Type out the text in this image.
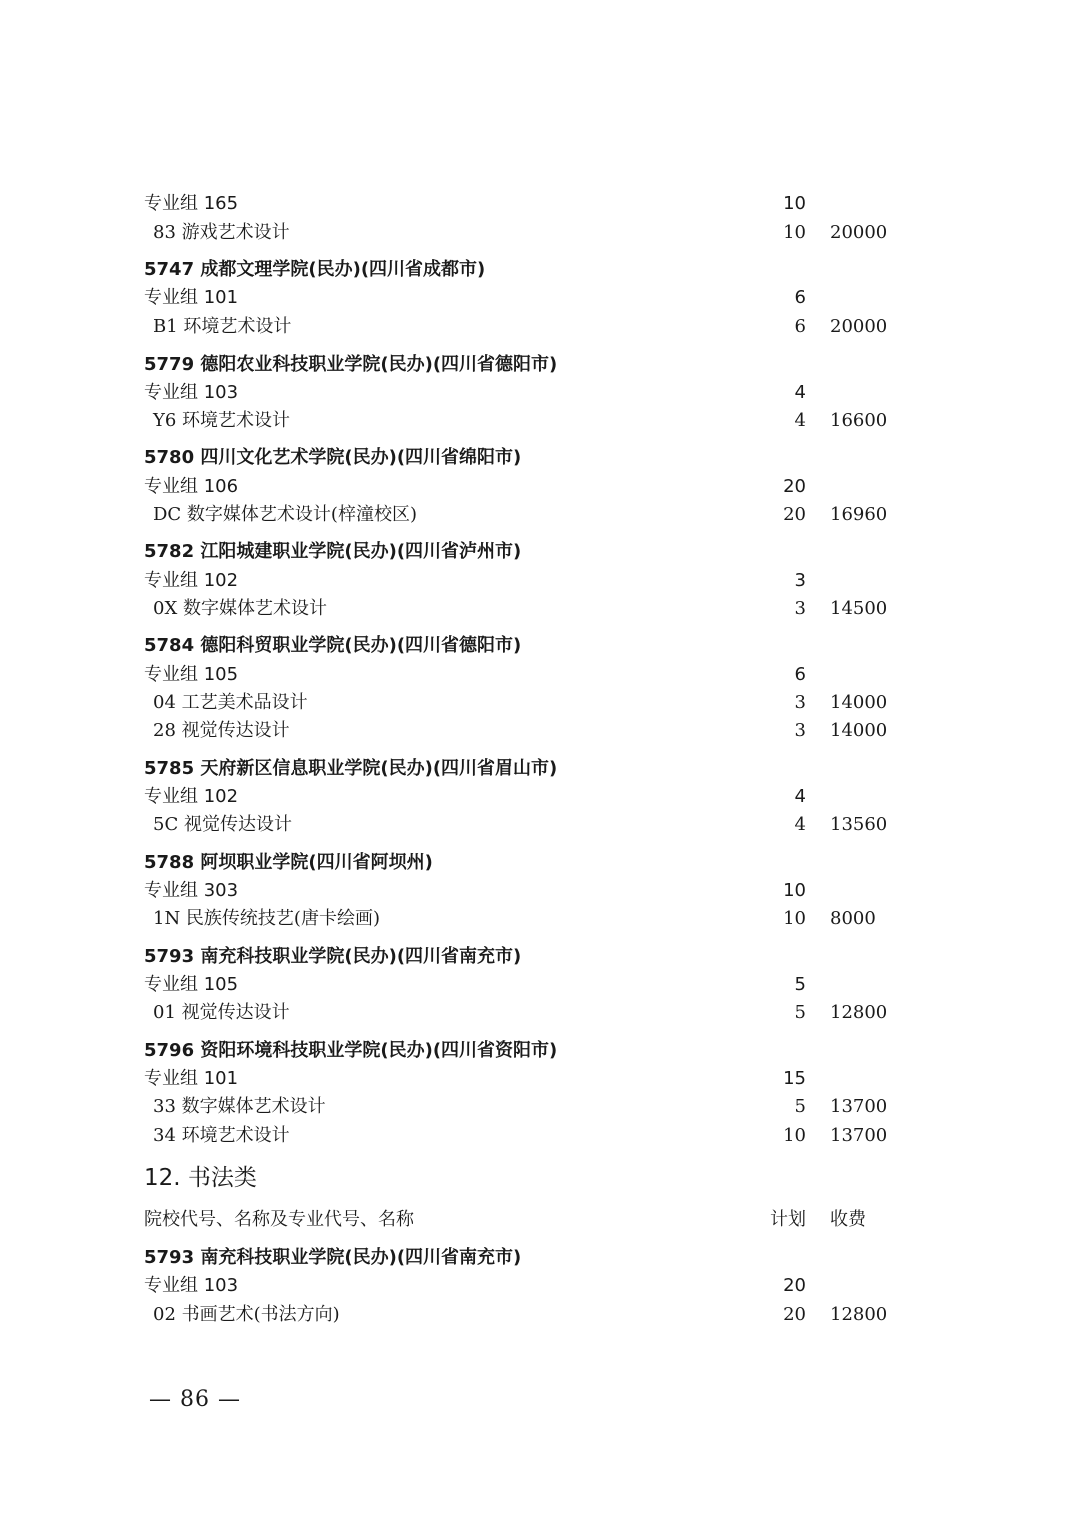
专业组 165	10
83 游戏艺术设计	10 20000
5747 成都文理学院(民办)(四川省成都市)
专业组 101	6
B1 环境艺术设计	6 20000
5779 德阳农业科技职业学院(民办)(四川省德阳市)
专业组 103	4
Y6 环境艺术设计	4 16600
5780 四川文化艺术学院(民办)(四川省绵阳市)
专业组 106	20
DC 数字媒体艺术设计(梓潼校区)	20 16960
5782 江阳城建职业学院(民办)(四川省泸州市)
专业组 102	3
0X 数字媒体艺术设计	3 14500
5784 德阳科贸职业学院(民办)(四川省德阳市)
专业组 105	6
04 工艺美术品设计	3 14000
28 视觉传达设计	3 14000
5785 天府新区信息职业学院(民办)(四川省眉山市)
专业组 102	4
5C 视觉传达设计	4 13560
5788 阿坝职业学院(四川省阿坝州)
专业组 303	10
1N 民族传统技艺(唐卡绘画)	10 8000
5793 南充科技职业学院(民办)(四川省南充市)
专业组 105	5
01 视觉传达设计	5 12800
5796 资阳环境科技职业学院(民办)(四川省资阳市)
专业组 101	15
33 数字媒体艺术设计	5 13700
34 环境艺术设计	10 13700
12. 书法类
院校代号、名称及专业代号、名称	计划 收费
5793 南充科技职业学院(民办)(四川省南充市)
专业组 103	20
02 书画艺术(书法方向)	20 12800
— 86 —
